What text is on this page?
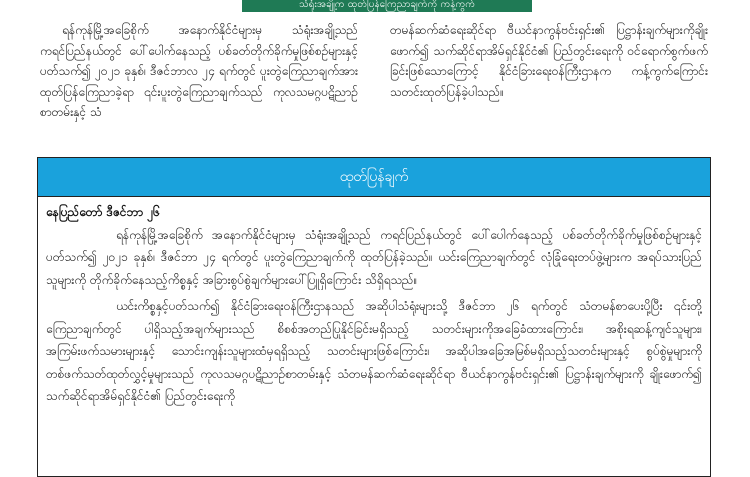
သံရုံးအချို့က ထုတ်ပြန်ကြေညာချက်ကို ကန့်ကွက်

ရန်ကုန်မြို့အခြေစိုက် အနောက်နိုင်ငံများမှ သံရုံးအချို့သည် ကရင်ပြည်နယ်တွင် ပေါ်ပေါက်နေသည့် ပစ်ခတ်တိုက်ခိုက်မှုဖြစ်စဉ်များနှင့်ပတ်သက်၍ ၂၀၂၁ ခုနှစ်၊ ဒီဇင်ဘာလ ၂၄ ရက်တွင် ပူးတွဲကြေညာချက်အား ထုတ်ပြန်ကြေညာခဲ့ရာ ၎င်းပူးတွဲကြေညာချက်သည် ကုလသမဂ္ဂပဋိညာဉ်စာတမ်းနှင့် သံ

တမန်ဆက်ဆံရေးဆိုင်ရာ ဗီယင်နာကွန်ဗင်းရှင်း၏ ပြဋ္ဌာန်းချက်များကိုချိုးဖောက်၍ သက်ဆိုင်ရာအိမ်ရှင်နိုင်ငံ၏ ပြည်တွင်းရေးကို ဝင်ရောက်စွက်ဖက်ခြင်းဖြစ်သောကြောင့် နိုင်ငံခြားရေးဝန်ကြီးဌာနက ကန့်ကွက်ကြောင်း သတင်းထုတ်ပြန်ခဲ့ပါသည်။

ထုတ်ပြန်ချက်

နေပြည်တော် ဒီဇင်ဘာ ၂၆

ရန်ကုန်မြို့အခြေစိုက် အနောက်နိုင်ငံများမှ သံရုံးအချို့သည် ကရင်ပြည်နယ်တွင် ပေါ်ပေါက်နေသည့် ပစ်ခတ်တိုက်ခိုက်မှုဖြစ်စဉ်များနှင့်ပတ်သက်၍ ၂၀၂၁ ခုနှစ်၊ ဒီဇင်ဘာ ၂၄ ရက်တွင် ပူးတွဲကြေညာချက်ကို ထုတ်ပြန်ခဲ့သည်။ ယင်းကြေညာချက်တွင် လုံခြုံရေးတပ်ဖွဲ့များက အရပ်သားပြည်သူများကို တိုက်ခိုက်နေသည့်ကိစ္စနှင့် အခြားစွပ်စွဲချက်များပေါ်ပြူရှိကြောင်း သိရှိရသည်။

ယင်းကိစ္စနှင့်ပတ်သက်၍ နိုင်ငံခြားရေးဝန်ကြီးဌာနသည် အဆိုပါသံရုံးများသို့ ဒီဇင်ဘာ ၂၆ ရက်တွင် သံတမန်စာပေးပို့ပြီး ၎င်းတို့ကြေညာချက်တွင် ပါရှိသည့်အချက်များသည် စိစစ်အတည်ပြုနိုင်ခြင်းမရှိသည့် သတင်းများကိုအခြေခံထားကြောင်း၊ အစိုးရဆန့်ကျင်သူများ၊ အကြမ်းဖက်သမားများနှင့် သောင်းကျန်းသူများထံမှရရှိသည့် သတင်းများဖြစ်ကြောင်း၊ အဆိုပါအခြေအမြစ်မရှိသည့်သတင်းများနှင့် စွပ်စွဲမှုများကို တစ်ဖက်သတ်ထုတ်လွှင့်မှုများသည် ကုလသမဂ္ဂပဋိညာဉ်စာတမ်းနှင့် သံတမန်ဆက်ဆံရေးဆိုင်ရာ ဗီယင်နာကွန်ဗင်းရှင်း၏ ပြဋ္ဌာန်းချက်များကို ချိုးဖောက်၍ သက်ဆိုင်ရာအိမ်ရှင်နိုင်ငံ၏ ပြည်တွင်းရေးကို
